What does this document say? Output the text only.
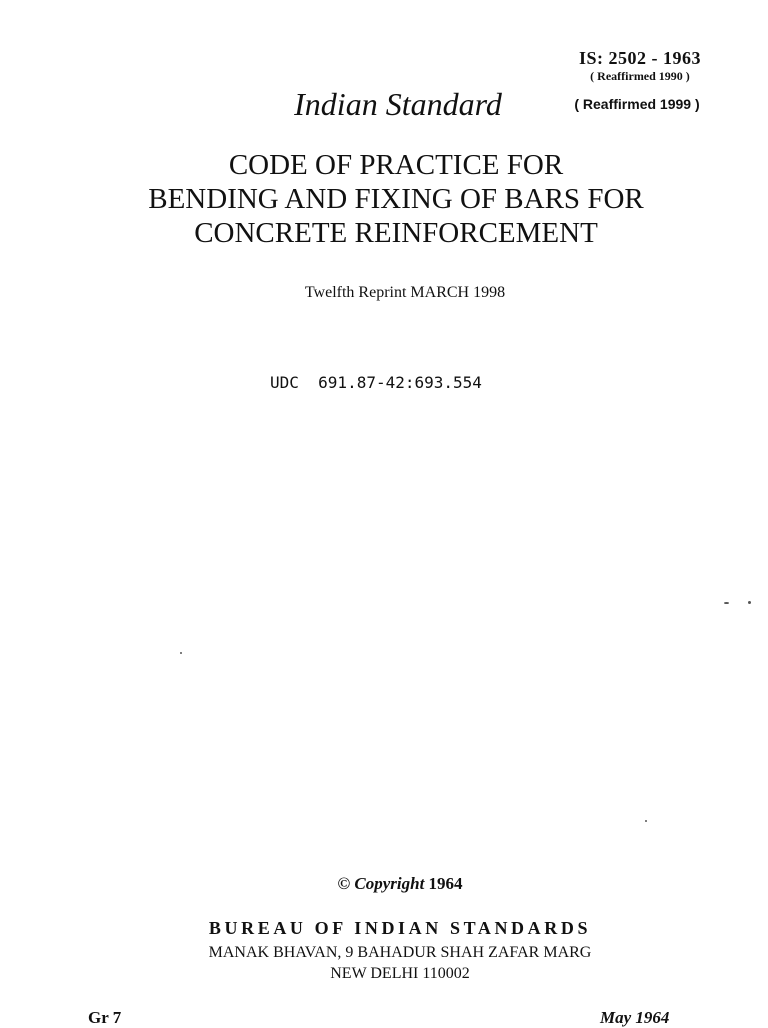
IS: 2502 - 1963
( Reaffirmed 1990 )
( Reaffirmed 1999 )
Indian Standard
CODE OF PRACTICE FOR
BENDING AND FIXING OF BARS FOR
CONCRETE REINFORCEMENT
Twelfth Reprint MARCH 1998
UDC  691.87-42:693.554
© Copyright 1964
BUREAU OF INDIAN STANDARDS
MANAK BHAVAN, 9 BAHADUR SHAH ZAFAR MARG
NEW DELHI 110002
Gr 7	May 1964
